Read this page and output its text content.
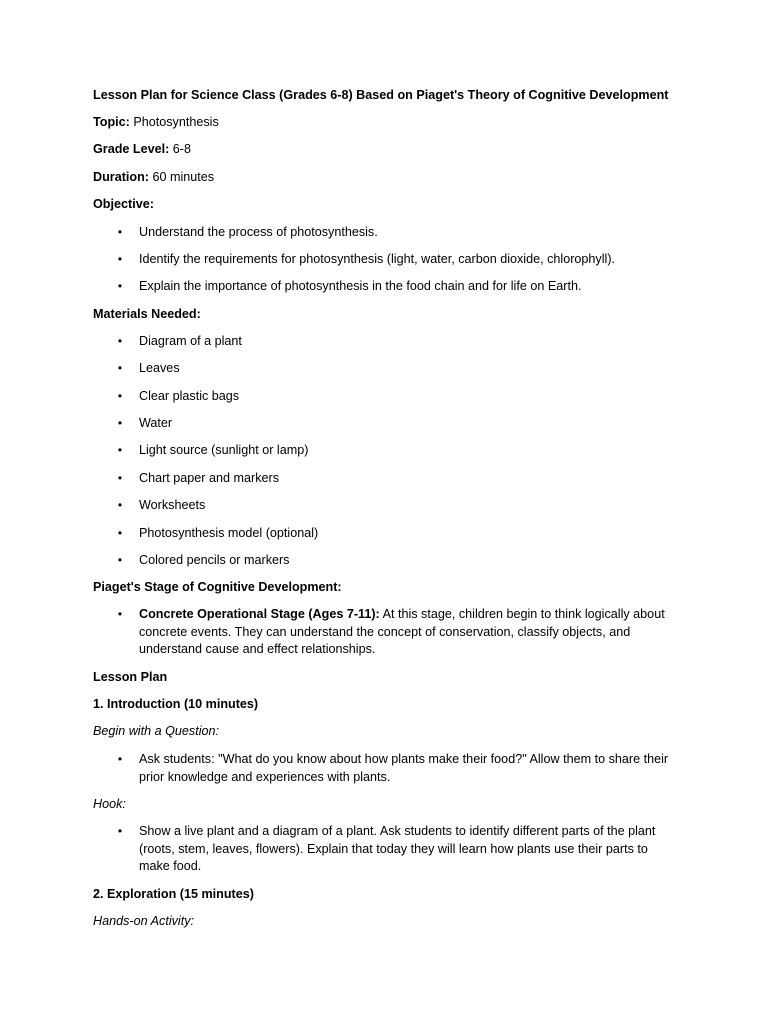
Lesson Plan for Science Class (Grades 6-8) Based on Piaget's Theory of Cognitive Development
Topic: Photosynthesis
Grade Level: 6-8
Duration: 60 minutes
Objective:
• Understand the process of photosynthesis.
• Identify the requirements for photosynthesis (light, water, carbon dioxide, chlorophyll).
• Explain the importance of photosynthesis in the food chain and for life on Earth.
Materials Needed:
• Diagram of a plant
• Leaves
• Clear plastic bags
• Water
• Light source (sunlight or lamp)
• Chart paper and markers
• Worksheets
• Photosynthesis model (optional)
• Colored pencils or markers
Piaget's Stage of Cognitive Development:
• Concrete Operational Stage (Ages 7-11): At this stage, children begin to think logically about concrete events. They can understand the concept of conservation, classify objects, and understand cause and effect relationships.
Lesson Plan
1. Introduction (10 minutes)
Begin with a Question:
• Ask students: "What do you know about how plants make their food?" Allow them to share their prior knowledge and experiences with plants.
Hook:
• Show a live plant and a diagram of a plant. Ask students to identify different parts of the plant (roots, stem, leaves, flowers). Explain that today they will learn how plants use their parts to make food.
2. Exploration (15 minutes)
Hands-on Activity:
